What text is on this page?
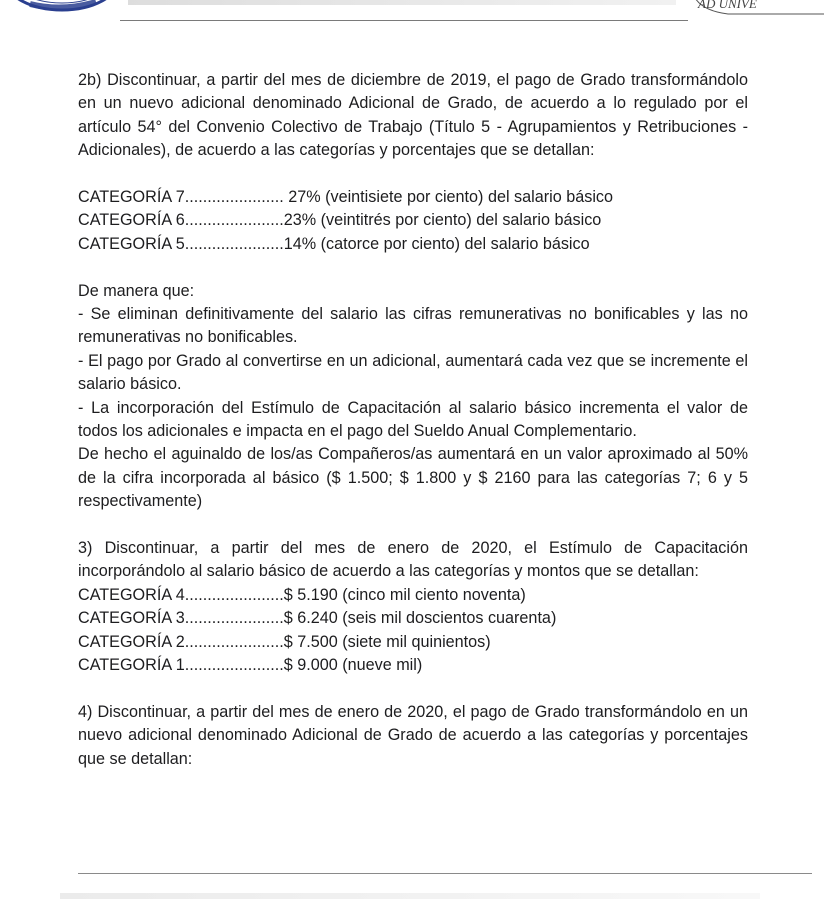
AD UNIVE

2b) Discontinuar, a partir del mes de diciembre de 2019, el pago de Grado transformándolo en un nuevo adicional denominado Adicional de Grado, de acuerdo a lo regulado por el artículo 54° del Convenio Colectivo de Trabajo (Título 5 - Agrupamientos y Retribuciones - Adicionales), de acuerdo a las categorías y porcentajes que se detallan:

CATEGORÍA 7...................... 27% (veintisiete por ciento) del salario básico

CATEGORÍA 6......................23% (veintitrés por ciento) del salario básico

CATEGORÍA 5......................14% (catorce por ciento) del salario básico

De manera que:

- Se eliminan definitivamente del salario las cifras remunerativas no bonificables y las no remunerativas no bonificables.

- El pago por Grado al convertirse en un adicional, aumentará cada vez que se incremente el salario básico.

- La incorporación del Estímulo de Capacitación al salario básico incrementa el valor de todos los adicionales e impacta en el pago del Sueldo Anual Complementario.

De hecho el aguinaldo de los/as Compañeros/as aumentará en un valor aproximado al 50% de la cifra incorporada al básico ($ 1.500; $ 1.800 y $ 2160 para las categorías 7; 6 y 5 respectivamente)

3) Discontinuar, a partir del mes de enero de 2020, el Estímulo de Capacitación incorporándolo al salario básico de acuerdo a las categorías y montos que se detallan:

CATEGORÍA 4......................$ 5.190 (cinco mil ciento noventa)

CATEGORÍA 3......................$ 6.240 (seis mil doscientos cuarenta)

CATEGORÍA 2......................$ 7.500 (siete mil quinientos)

CATEGORÍA 1......................$ 9.000 (nueve mil)

4) Discontinuar, a partir del mes de enero de 2020, el pago de Grado transformándolo en un nuevo adicional denominado Adicional de Grado de acuerdo a las categorías y porcentajes que se detallan:
